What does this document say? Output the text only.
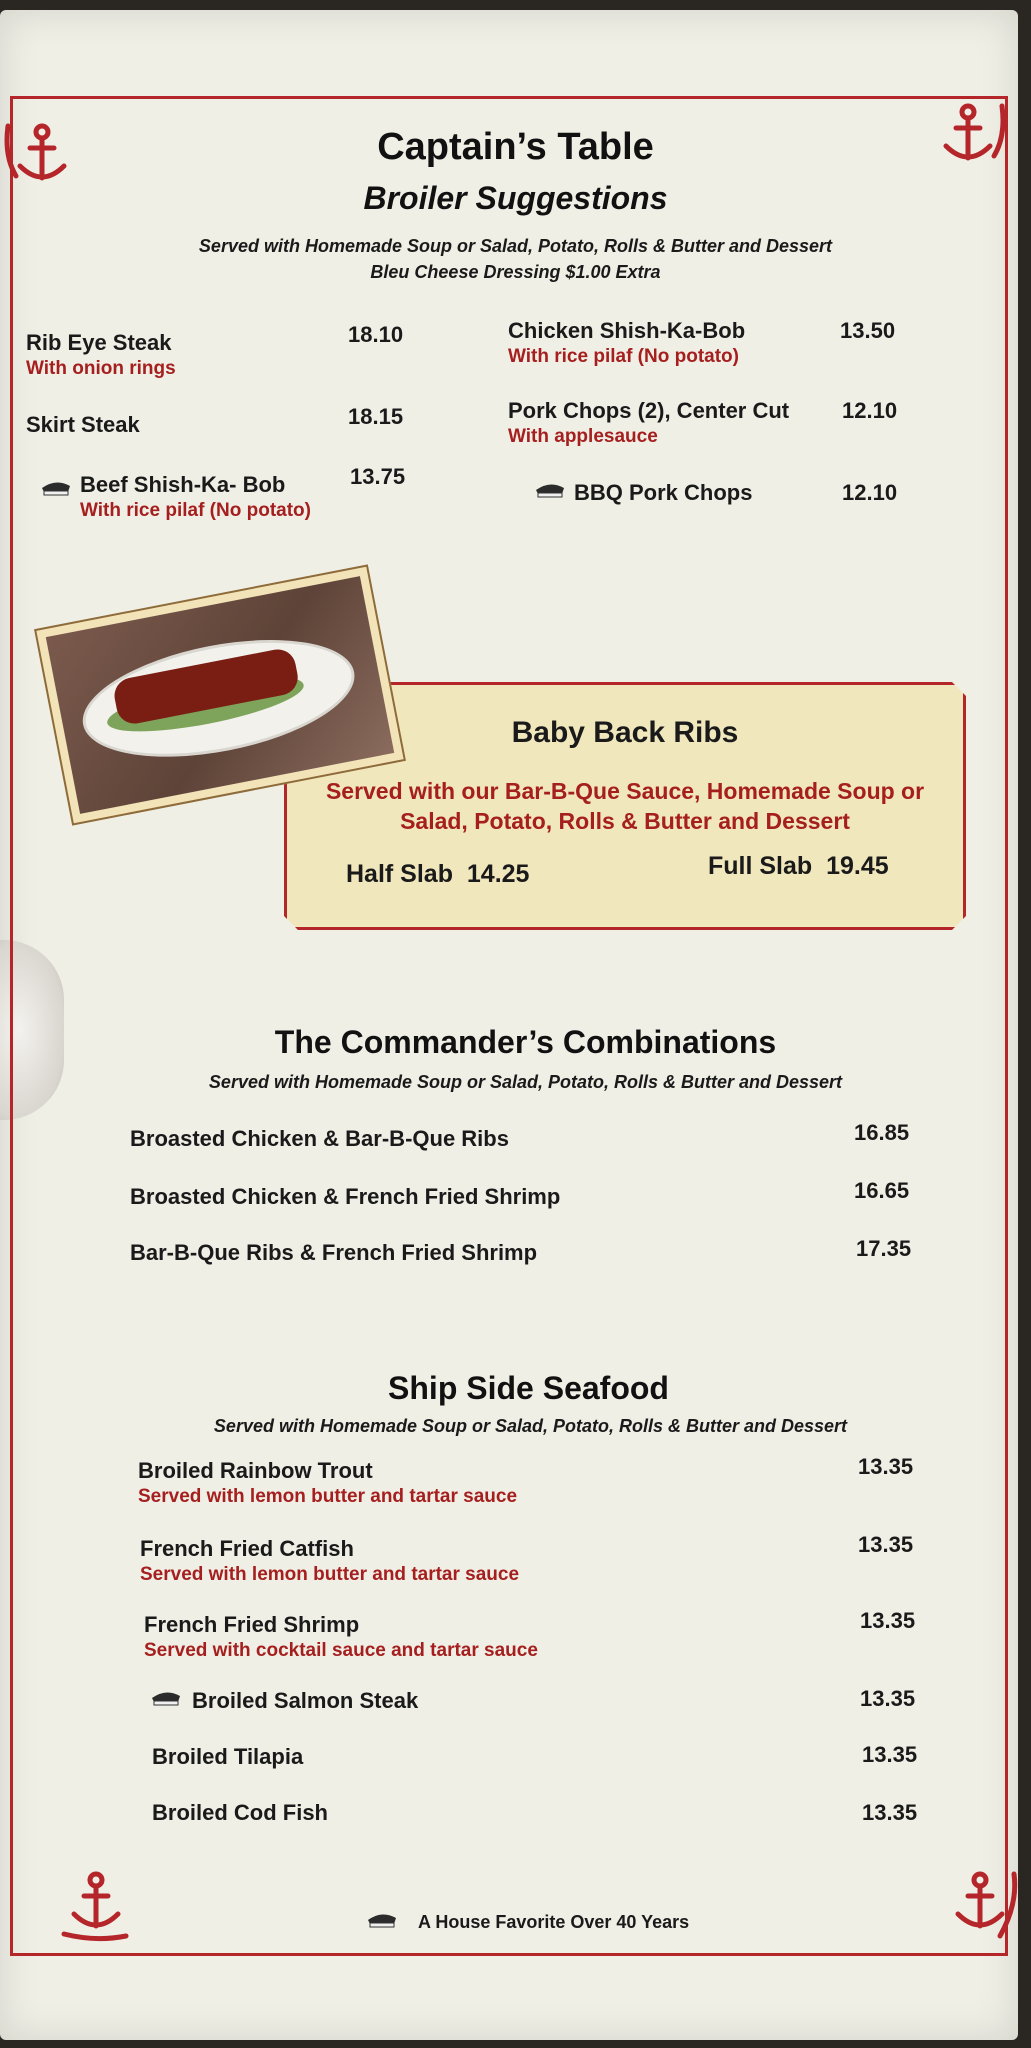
Captain’s Table
Broiler Suggestions
Served with Homemade Soup or Salad, Potato, Rolls & Butter and Dessert
Bleu Cheese Dressing $1.00 Extra
Rib Eye Steak
With onion rings
18.10
Skirt Steak	18.15
Beef Shish-Ka- Bob
With rice pilaf (No potato)
13.75
Chicken Shish-Ka-Bob
With rice pilaf (No potato)
13.50
Pork Chops (2), Center Cut
With applesauce
12.10
BBQ Pork Chops	12.10
Baby Back Ribs
Served with our Bar-B-Que Sauce, Homemade Soup or
Salad, Potato, Rolls & Butter and Dessert
Half Slab 14.25	Full Slab 19.45
The Commander’s Combinations
Served with Homemade Soup or Salad, Potato, Rolls & Butter and Dessert
Broasted Chicken & Bar-B-Que Ribs	16.85
Broasted Chicken & French Fried Shrimp	16.65
Bar-B-Que Ribs & French Fried Shrimp	17.35
Ship Side Seafood
Served with Homemade Soup or Salad, Potato, Rolls & Butter and Dessert
Broiled Rainbow Trout
Served with lemon butter and tartar sauce
13.35
French Fried Catfish
Served with lemon butter and tartar sauce
13.35
French Fried Shrimp
Served with cocktail sauce and tartar sauce
13.35
Broiled Salmon Steak	13.35
Broiled Tilapia	13.35
Broiled Cod Fish	13.35
A House Favorite Over 40 Years
